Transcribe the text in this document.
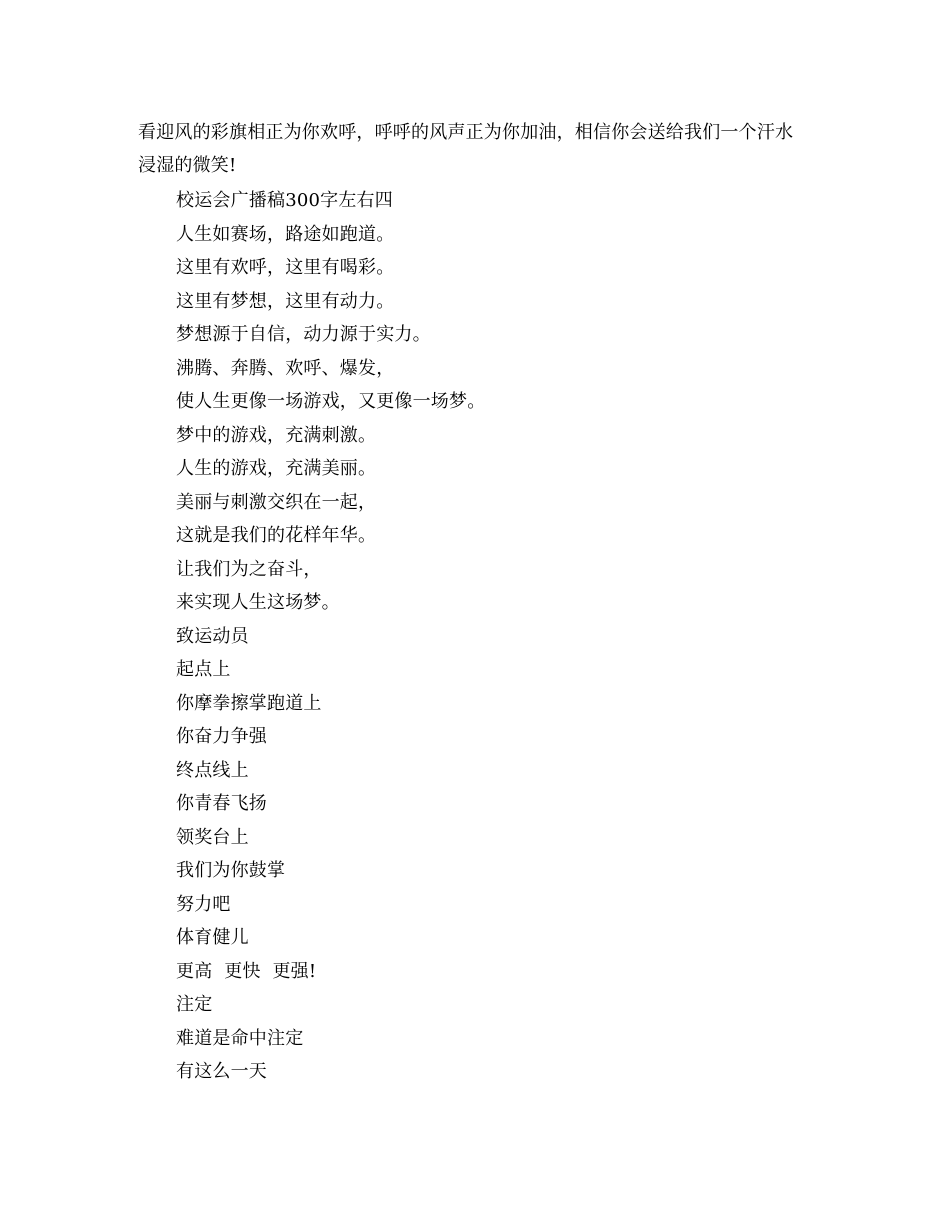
看迎风的彩旗相正为你欢呼，呼呼的风声正为你加油，相信你会送给我们一个汗水
浸湿的微笑!
校运会广播稿300字左右四
人生如赛场，路途如跑道。
这里有欢呼，这里有喝彩。
这里有梦想，这里有动力。
梦想源于自信，动力源于实力。
沸腾、奔腾、欢呼、爆发，
使人生更像一场游戏，又更像一场梦。
梦中的游戏，充满刺激。
人生的游戏，充满美丽。
美丽与刺激交织在一起，
这就是我们的花样年华。
让我们为之奋斗，
来实现人生这场梦。
致运动员
起点上
你摩拳擦掌跑道上
你奋力争强
终点线上
你青春飞扬
领奖台上
我们为你鼓掌
努力吧
体育健儿
更高  更快  更强!
注定
难道是命中注定
有这么一天
